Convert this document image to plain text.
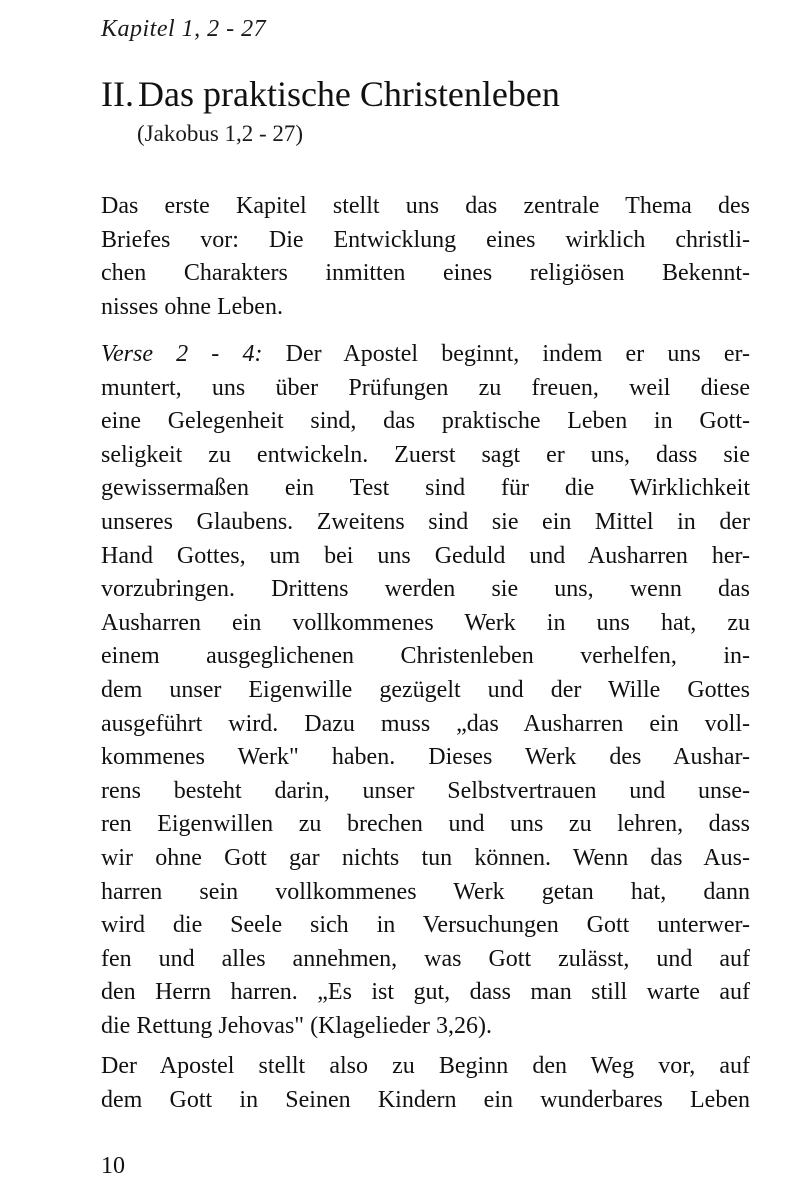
Kapitel 1, 2 - 27
II. Das praktische Christenleben
(Jakobus 1,2 - 27)
Das erste Kapitel stellt uns das zentrale Thema des
Briefes vor: Die Entwicklung eines wirklich christli-
chen Charakters inmitten eines religiösen Bekennt-
nisses ohne Leben.
Verse 2 - 4: Der Apostel beginnt, indem er uns er-
muntert, uns über Prüfungen zu freuen, weil diese
eine Gelegenheit sind, das praktische Leben in Gott-
seligkeit zu entwickeln. Zuerst sagt er uns, dass sie
gewissermaßen ein Test sind für die Wirklichkeit
unseres Glaubens. Zweitens sind sie ein Mittel in der
Hand Gottes, um bei uns Geduld und Ausharren her-
vorzubringen. Drittens werden sie uns, wenn das
Ausharren ein vollkommenes Werk in uns hat, zu
einem ausgeglichenen Christenleben verhelfen, in-
dem unser Eigenwille gezügelt und der Wille Gottes
ausgeführt wird. Dazu muss „das Ausharren ein voll-
kommenes Werk" haben. Dieses Werk des Aushar-
rens besteht darin, unser Selbstvertrauen und unse-
ren Eigenwillen zu brechen und uns zu lehren, dass
wir ohne Gott gar nichts tun können. Wenn das Aus-
harren sein vollkommenes Werk getan hat, dann
wird die Seele sich in Versuchungen Gott unterwer-
fen und alles annehmen, was Gott zulässt, und auf
den Herrn harren. „Es ist gut, dass man still warte auf
die Rettung Jehovas" (Klagelieder 3,26).
Der Apostel stellt also zu Beginn den Weg vor, auf
dem Gott in Seinen Kindern ein wunderbares Leben
10
